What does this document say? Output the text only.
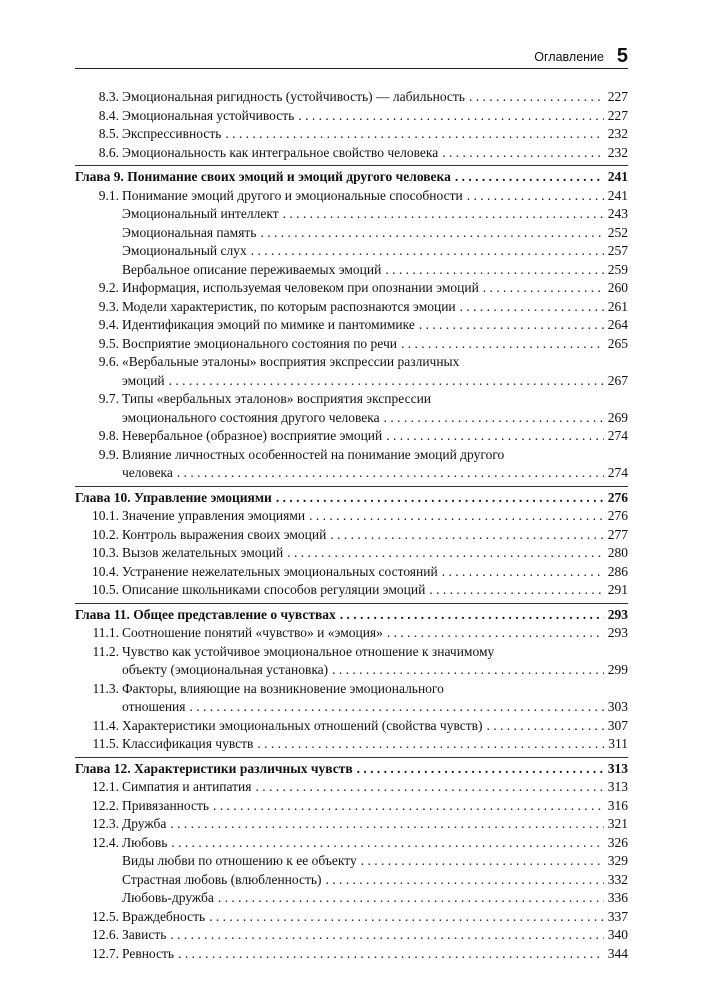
Оглавление 5
8.3. Эмоциональная ригидность (устойчивость) — лабильность . . .	227
8.4. Эмоциональная устойчивость . . .	227
8.5. Экспрессивность . . .	232
8.6. Эмоциональность как интегральное свойство человека . . .	232
Глава 9. Понимание своих эмоций и эмоций другого человека . . .	241
9.1. Понимание эмоций другого и эмоциональные способности . . .	241
Эмоциональный интеллект . . .	243
Эмоциональная память . . .	252
Эмоциональный слух . . .	257
Вербальное описание переживаемых эмоций . . .	259
9.2. Информация, используемая человеком при опознании эмоций . . .	260
9.3. Модели характеристик, по которым распознаются эмоции . . .	261
9.4. Идентификация эмоций по мимике и пантомимике . . .	264
9.5. Восприятие эмоционального состояния по речи . . .	265
9.6. «Вербальные эталоны» восприятия экспрессии различных
эмоций . . .	267
9.7. Типы «вербальных эталонов» восприятия экспрессии
эмоционального состояния другого человека . . .	269
9.8. Невербальное (образное) восприятие эмоций . . .	274
9.9. Влияние личностных особенностей на понимание эмоций другого
человека . . .	274
Глава 10. Управление эмоциями . . .	276
10.1. Значение управления эмоциями . . .	276
10.2. Контроль выражения своих эмоций . . .	277
10.3. Вызов желательных эмоций . . .	280
10.4. Устранение нежелательных эмоциональных состояний . . .	286
10.5. Описание школьниками способов регуляции эмоций . . .	291
Глава 11. Общее представление о чувствах . . .	293
11.1. Соотношение понятий «чувство» и «эмоция» . . .	293
11.2. Чувство как устойчивое эмоциональное отношение к значимому
объекту (эмоциональная установка) . . .	299
11.3. Факторы, влияющие на возникновение эмоционального
отношения . . .	303
11.4. Характеристики эмоциональных отношений (свойства чувств) . . .	307
11.5. Классификация чувств . . .	311
Глава 12. Характеристики различных чувств . . .	313
12.1. Симпатия и антипатия . . .	313
12.2. Привязанность . . .	316
12.3. Дружба . . .	321
12.4. Любовь . . .	326
Виды любви по отношению к ее объекту . . .	329
Страстная любовь (влюбленность) . . .	332
Любовь-дружба . . .	336
12.5. Враждебность . . .	337
12.6. Зависть . . .	340
12.7. Ревность . . .	344
